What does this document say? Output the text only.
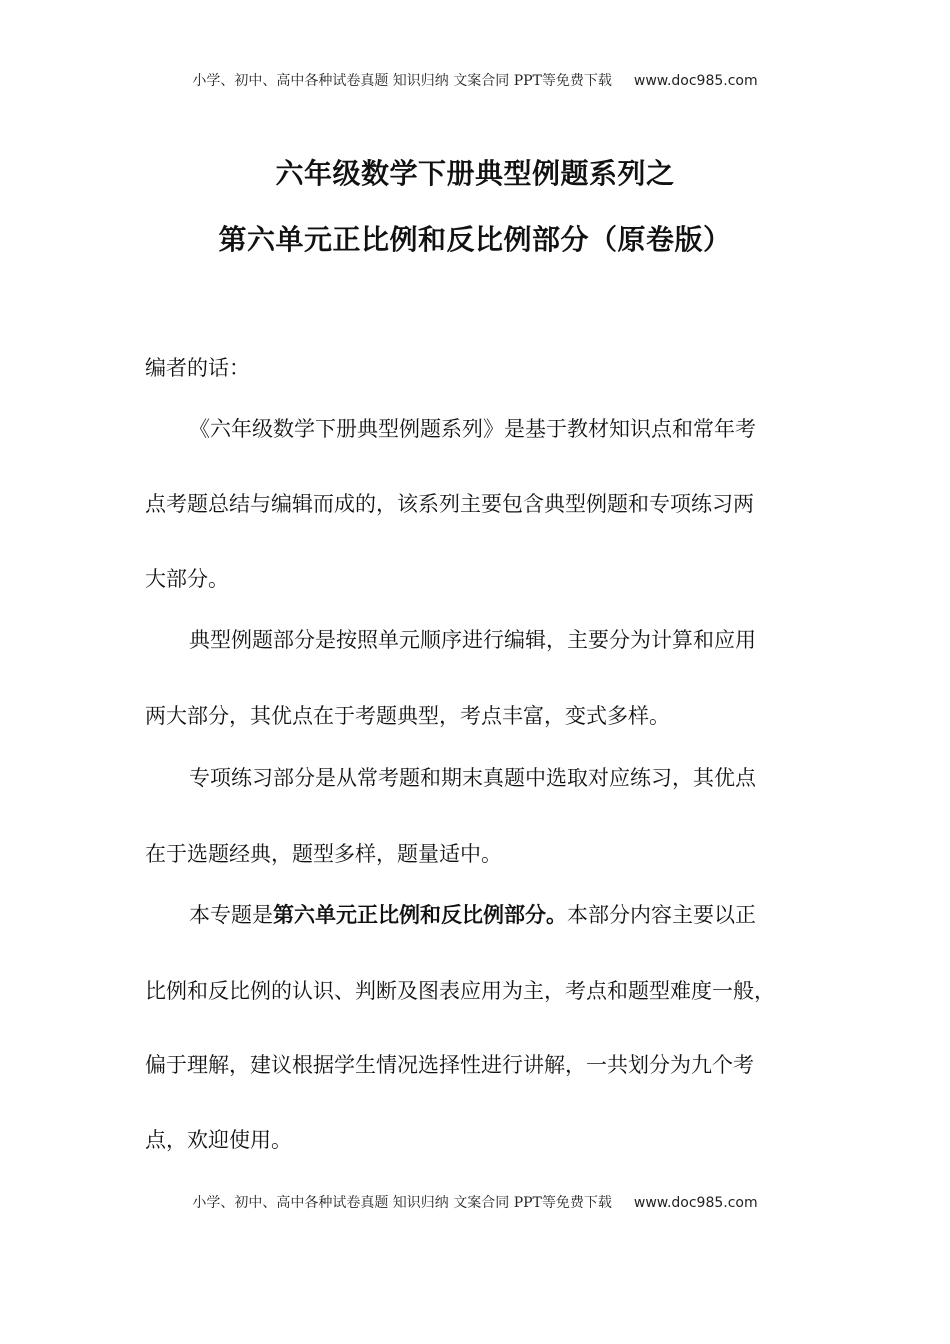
小学、初中、高中各种试卷真题 知识归纳 文案合同 PPT等免费下载 www.doc985.com
六年级数学下册典型例题系列之
第六单元正比例和反比例部分（原卷版）
编者的话：
《六年级数学下册典型例题系列》是基于教材知识点和常年考
点考题总结与编辑而成的，该系列主要包含典型例题和专项练习两
大部分。
典型例题部分是按照单元顺序进行编辑，主要分为计算和应用
两大部分，其优点在于考题典型，考点丰富，变式多样。
专项练习部分是从常考题和期末真题中选取对应练习，其优点
在于选题经典，题型多样，题量适中。
本专题是第六单元正比例和反比例部分。本部分内容主要以正
比例和反比例的认识、判断及图表应用为主，考点和题型难度一般，
偏于理解，建议根据学生情况选择性进行讲解，一共划分为九个考
点，欢迎使用。
小学、初中、高中各种试卷真题 知识归纳 文案合同 PPT等免费下载 www.doc985.com
